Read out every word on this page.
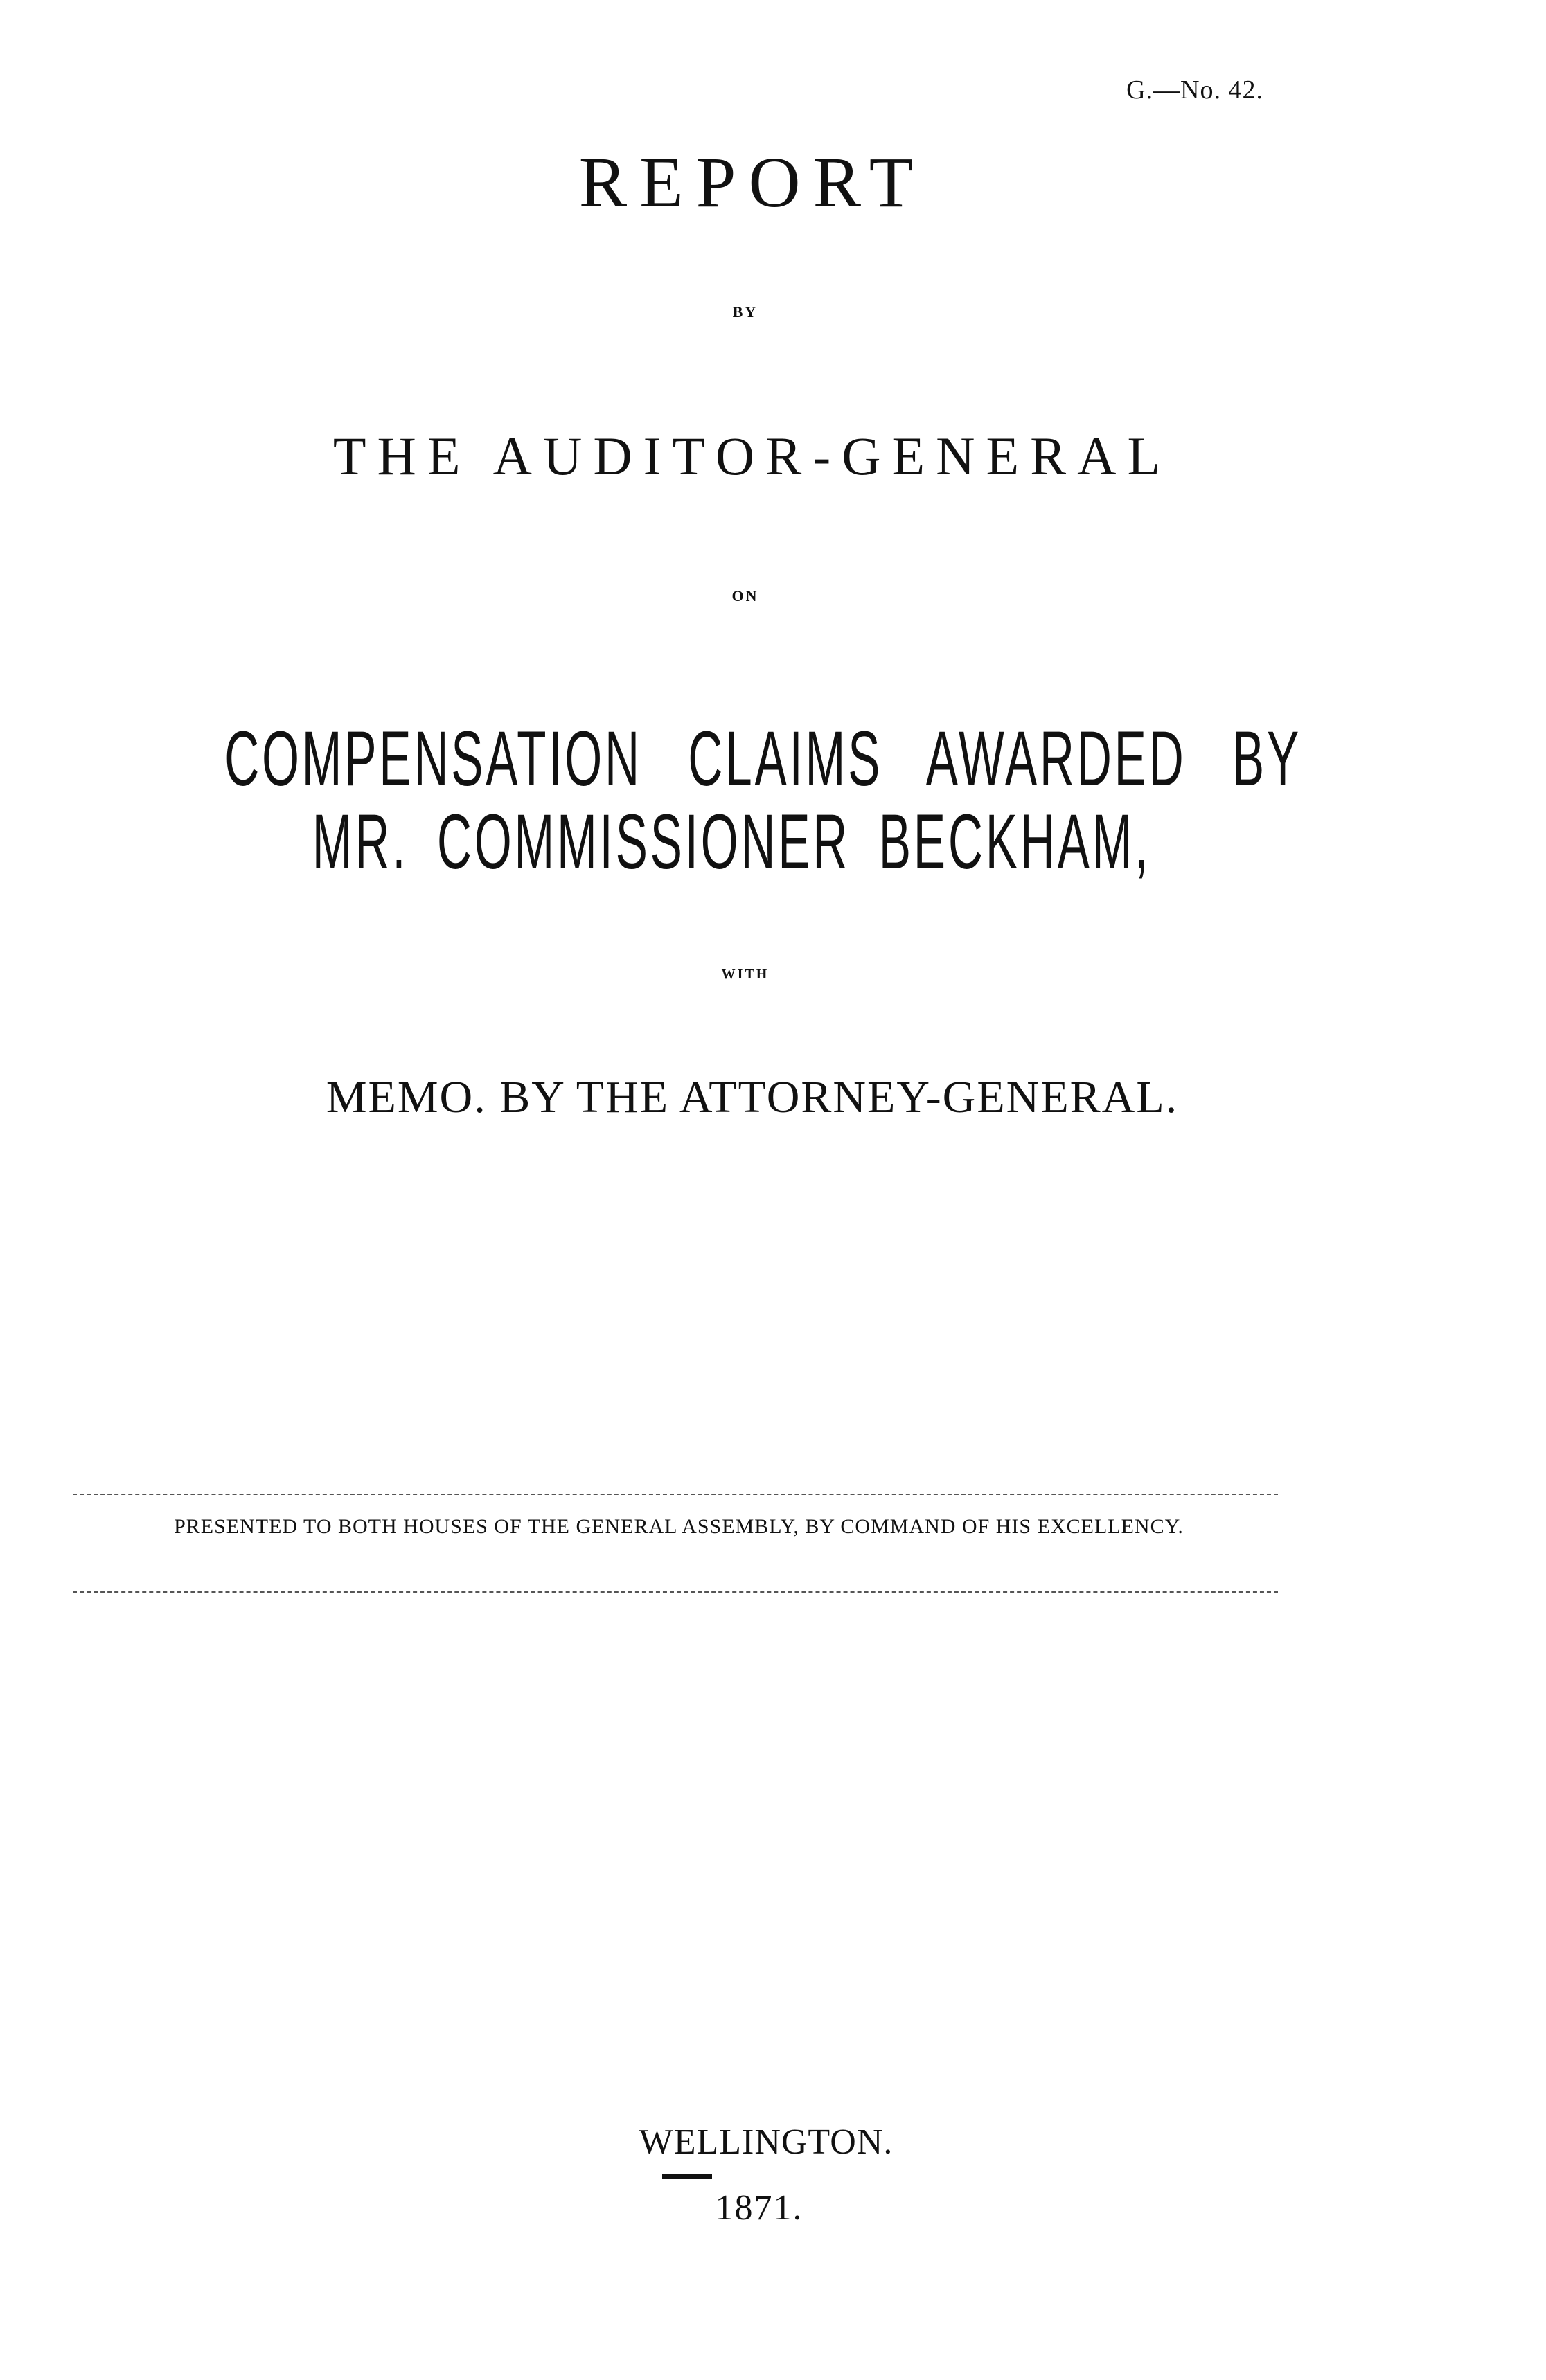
G.—No. 42.
REPORT
BY
THE AUDITOR-GENERAL
ON
COMPENSATION CLAIMS AWARDED BY
MR. COMMISSIONER BECKHAM,
WITH
MEMO. BY THE ATTORNEY-GENERAL.
PRESENTED TO BOTH HOUSES OF THE GENERAL ASSEMBLY, BY COMMAND OF HIS EXCELLENCY.
WELLINGTON.
1871.
